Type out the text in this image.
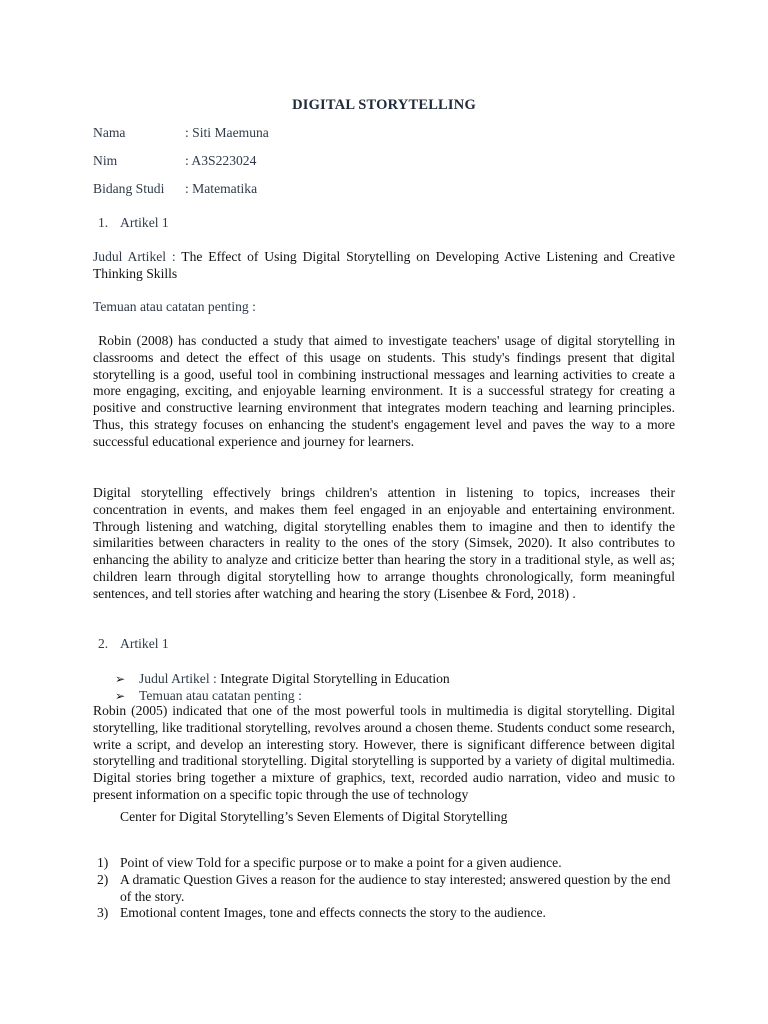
DIGITAL STORYTELLING
Nama	: Siti Maemuna
Nim	: A3S223024
Bidang Studi : Matematika
1. Artikel 1

Judul Artikel : The Effect of Using Digital Storytelling on Developing Active Listening and Creative Thinking Skills

Temuan atau catatan penting :
Robin (2008) has conducted a study that aimed to investigate teachers' usage of digital storytelling in classrooms and detect the effect of this usage on students. This study's findings present that digital storytelling is a good, useful tool in combining instructional messages and learning activities to create a more engaging, exciting, and enjoyable learning environment. It is a successful strategy for creating a positive and constructive learning environment that integrates modern teaching and learning principles. Thus, this strategy focuses on enhancing the student's engagement level and paves the way to a more successful educational experience and journey for learners.
Digital storytelling effectively brings children's attention in listening to topics, increases their concentration in events, and makes them feel engaged in an enjoyable and entertaining environment. Through listening and watching, digital storytelling enables them to imagine and then to identify the similarities between characters in reality to the ones of the story (Simsek, 2020). It also contributes to enhancing the ability to analyze and criticize better than hearing the story in a traditional style, as well as; children learn through digital storytelling how to arrange thoughts chronologically, form meaningful sentences, and tell stories after watching and hearing the story (Lisenbee & Ford, 2018) .
2. Artikel 1
➢ Judul Artikel : Integrate Digital Storytelling in Education
➢ Temuan atau catatan penting :
Robin (2005) indicated that one of the most powerful tools in multimedia is digital storytelling. Digital storytelling, like traditional storytelling, revolves around a chosen theme. Students conduct some research, write a script, and develop an interesting story. However, there is significant difference between digital storytelling and traditional storytelling. Digital storytelling is supported by a variety of digital multimedia. Digital stories bring together a mixture of graphics, text, recorded audio narration, video and music to present information on a specific topic through the use of technology
Center for Digital Storytelling’s Seven Elements of Digital Storytelling
1) Point of view Told for a specific purpose or to make a point for a given audience.
2) A dramatic Question Gives a reason for the audience to stay interested; answered question by the end of the story.
3) Emotional content Images, tone and effects connects the story to the audience.
